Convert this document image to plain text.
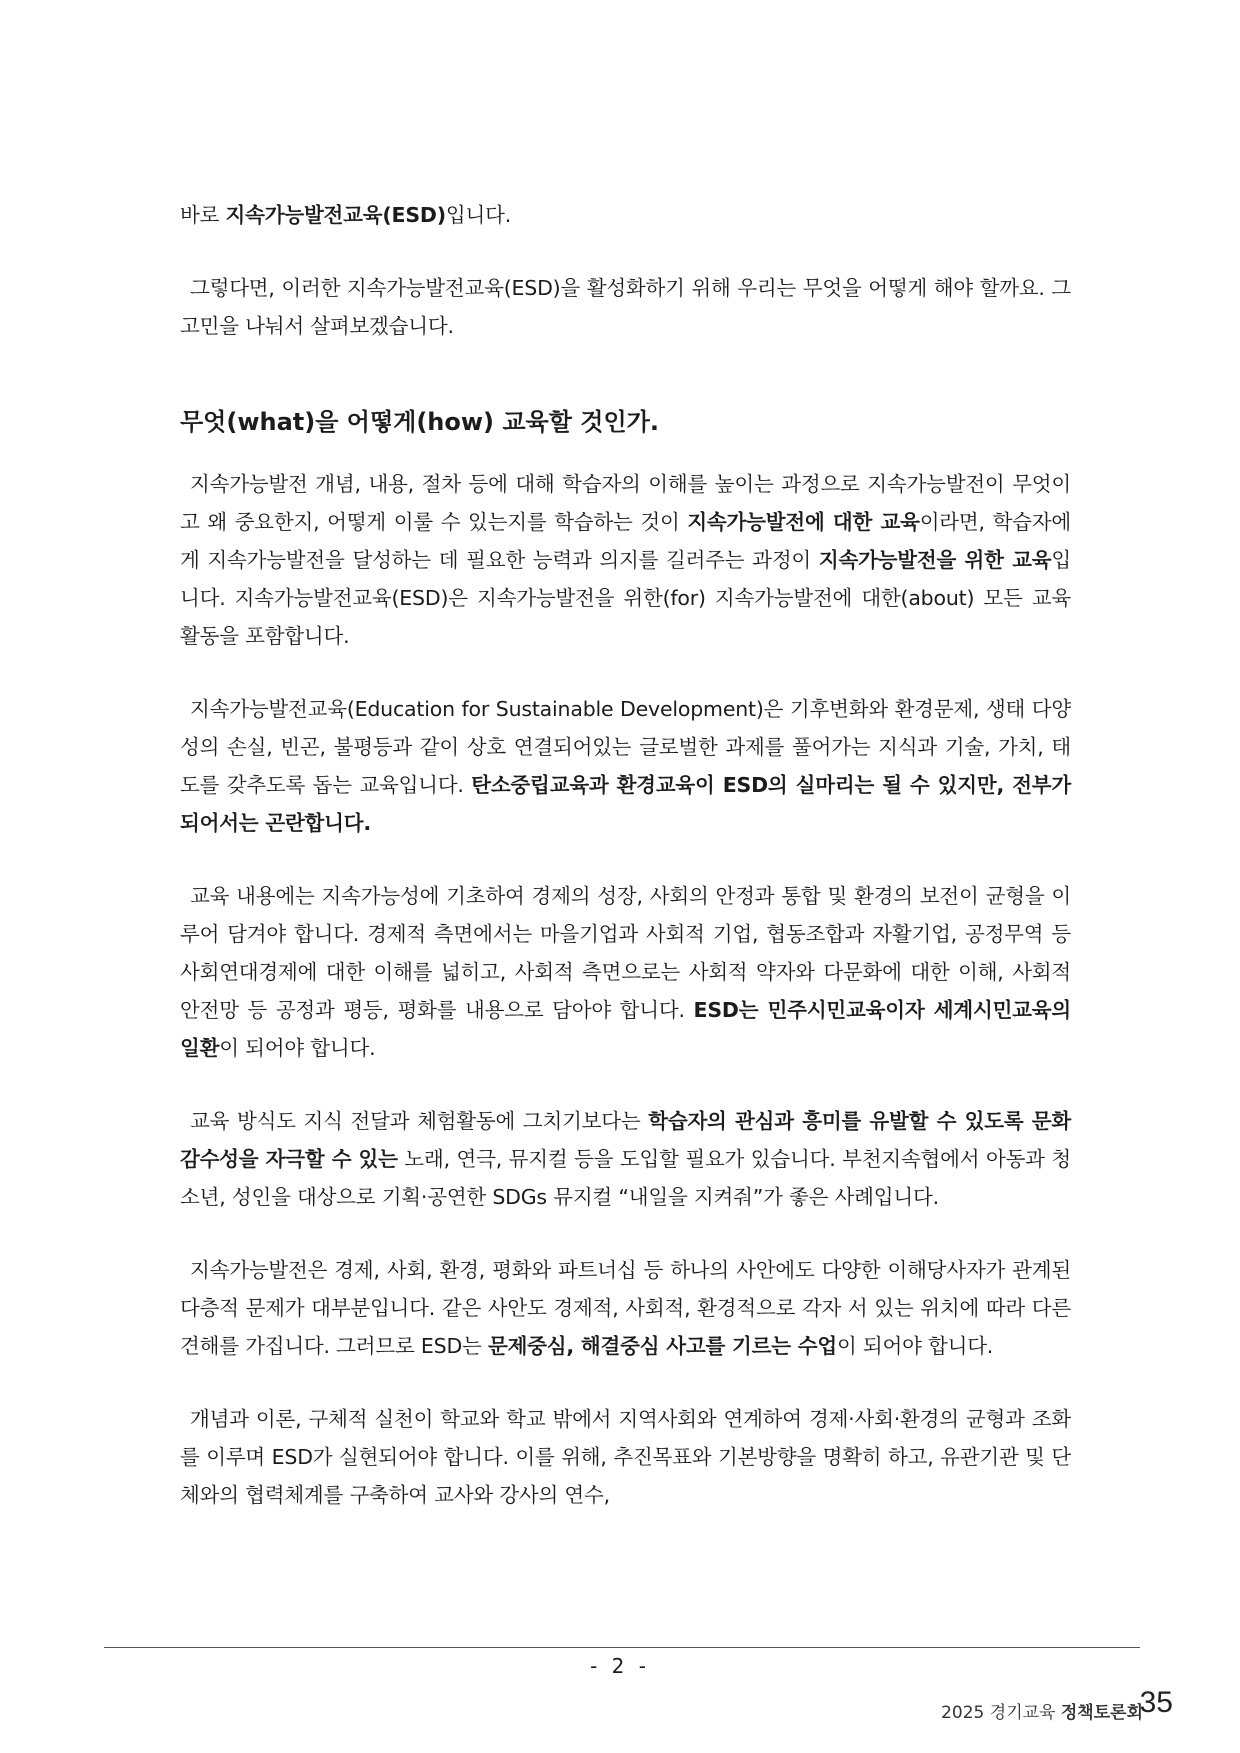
바로 지속가능발전교육(ESD)입니다.

그렇다면, 이러한 지속가능발전교육(ESD)을 활성화하기 위해 우리는 무엇을 어떻게 해야 할까요. 그 고민을 나눠서 살펴보겠습니다.

무엇(what)을 어떻게(how) 교육할 것인가.

지속가능발전 개념, 내용, 절차 등에 대해 학습자의 이해를 높이는 과정으로 지속가능발전이 무엇이고 왜 중요한지, 어떻게 이룰 수 있는지를 학습하는 것이 지속가능발전에 대한 교육이라면, 학습자에게 지속가능발전을 달성하는 데 필요한 능력과 의지를 길러주는 과정이 지속가능발전을 위한 교육입니다. 지속가능발전교육(ESD)은 지속가능발전을 위한(for) 지속가능발전에 대한(about) 모든 교육 활동을 포함합니다.

지속가능발전교육(Education for Sustainable Development)은 기후변화와 환경문제, 생태 다양성의 손실, 빈곤, 불평등과 같이 상호 연결되어있는 글로벌한 과제를 풀어가는 지식과 기술, 가치, 태도를 갖추도록 돕는 교육입니다. 탄소중립교육과 환경교육이 ESD의 실마리는 될 수 있지만, 전부가 되어서는 곤란합니다.

교육 내용에는 지속가능성에 기초하여 경제의 성장, 사회의 안정과 통합 및 환경의 보전이 균형을 이루어 담겨야 합니다. 경제적 측면에서는 마을기업과 사회적 기업, 협동조합과 자활기업, 공정무역 등 사회연대경제에 대한 이해를 넓히고, 사회적 측면으로는 사회적 약자와 다문화에 대한 이해, 사회적 안전망 등 공정과 평등, 평화를 내용으로 담아야 합니다. ESD는 민주시민교육이자 세계시민교육의 일환이 되어야 합니다.

교육 방식도 지식 전달과 체험활동에 그치기보다는 학습자의 관심과 흥미를 유발할 수 있도록 문화 감수성을 자극할 수 있는 노래, 연극, 뮤지컬 등을 도입할 필요가 있습니다. 부천지속협에서 아동과 청소년, 성인을 대상으로 기획·공연한 SDGs 뮤지컬 “내일을 지켜줘”가 좋은 사례입니다.

지속가능발전은 경제, 사회, 환경, 평화와 파트너십 등 하나의 사안에도 다양한 이해당사자가 관계된 다층적 문제가 대부분입니다. 같은 사안도 경제적, 사회적, 환경적으로 각자 서 있는 위치에 따라 다른 견해를 가집니다. 그러므로 ESD는 문제중심, 해결중심 사고를 기르는 수업이 되어야 합니다.

개념과 이론, 구체적 실천이 학교와 학교 밖에서 지역사회와 연계하여 경제·사회·환경의 균형과 조화를 이루며 ESD가 실현되어야 합니다. 이를 위해, 추진목표와 기본방향을 명확히 하고, 유관기관 및 단체와의 협력체계를 구축하여 교사와 강사의 연수,

- 2 -
2025 경기교육 정책토론회
35
